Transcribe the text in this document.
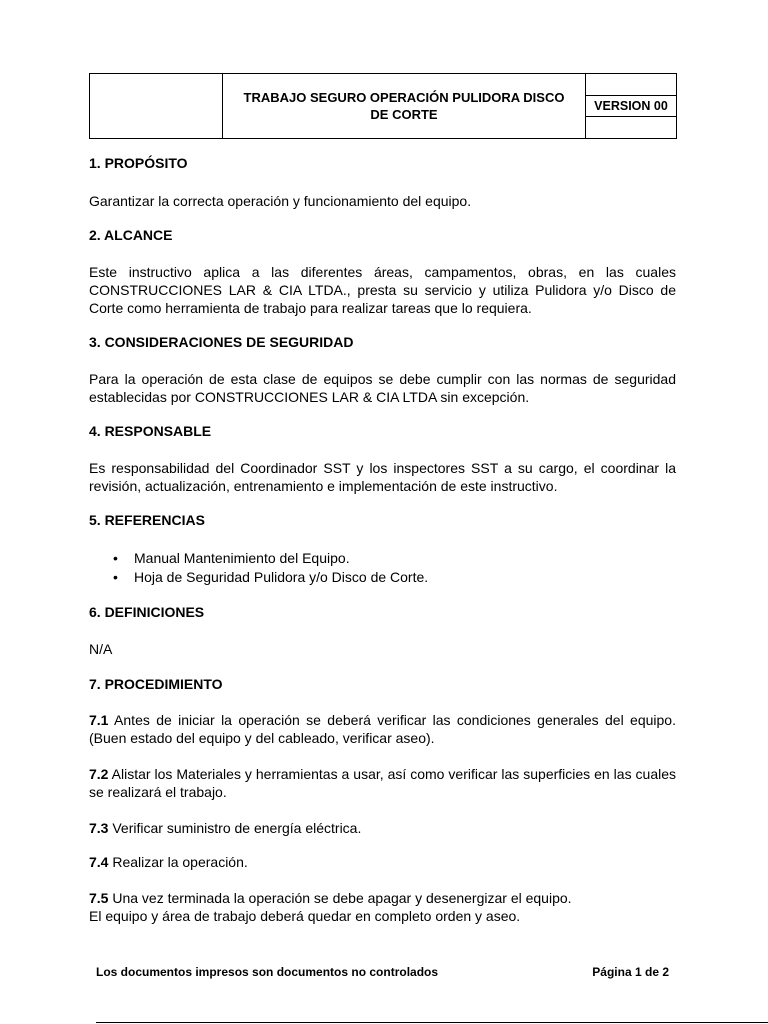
TRABAJO SEGURO OPERACIÓN PULIDORA DISCO
DE CORTE

VERSION 00

1. PROPÓSITO

Garantizar la correcta operación y funcionamiento del equipo.

2. ALCANCE

Este instructivo aplica a las diferentes áreas, campamentos, obras, en las cuales CONSTRUCCIONES LAR & CIA LTDA., presta su servicio y utiliza Pulidora y/o Disco de Corte como herramienta de trabajo para realizar tareas que lo requiera.

3. CONSIDERACIONES DE SEGURIDAD

Para la operación de esta clase de equipos se debe cumplir con las normas de seguridad establecidas por CONSTRUCCIONES LAR & CIA LTDA sin excepción.

4. RESPONSABLE

Es responsabilidad del Coordinador SST y los inspectores SST a su cargo, el coordinar la revisión, actualización, entrenamiento e implementación de este instructivo.

5. REFERENCIAS
• Manual Mantenimiento del Equipo.
• Hoja de Seguridad Pulidora y/o Disco de Corte.
6. DEFINICIONES

N/A

7. PROCEDIMIENTO

7.1 Antes de iniciar la operación se deberá verificar las condiciones generales del equipo. (Buen estado del equipo y del cableado, verificar aseo).

7.2 Alistar los Materiales y herramientas a usar, así como verificar las superficies en las cuales se realizará el trabajo.

7.3 Verificar suministro de energía eléctrica.

7.4 Realizar la operación.

7.5 Una vez terminada la operación se debe apagar y desenergizar el equipo.
El equipo y área de trabajo deberá quedar en completo orden y aseo.

Los documentos impresos son documentos no controlados	Página 1 de 2
